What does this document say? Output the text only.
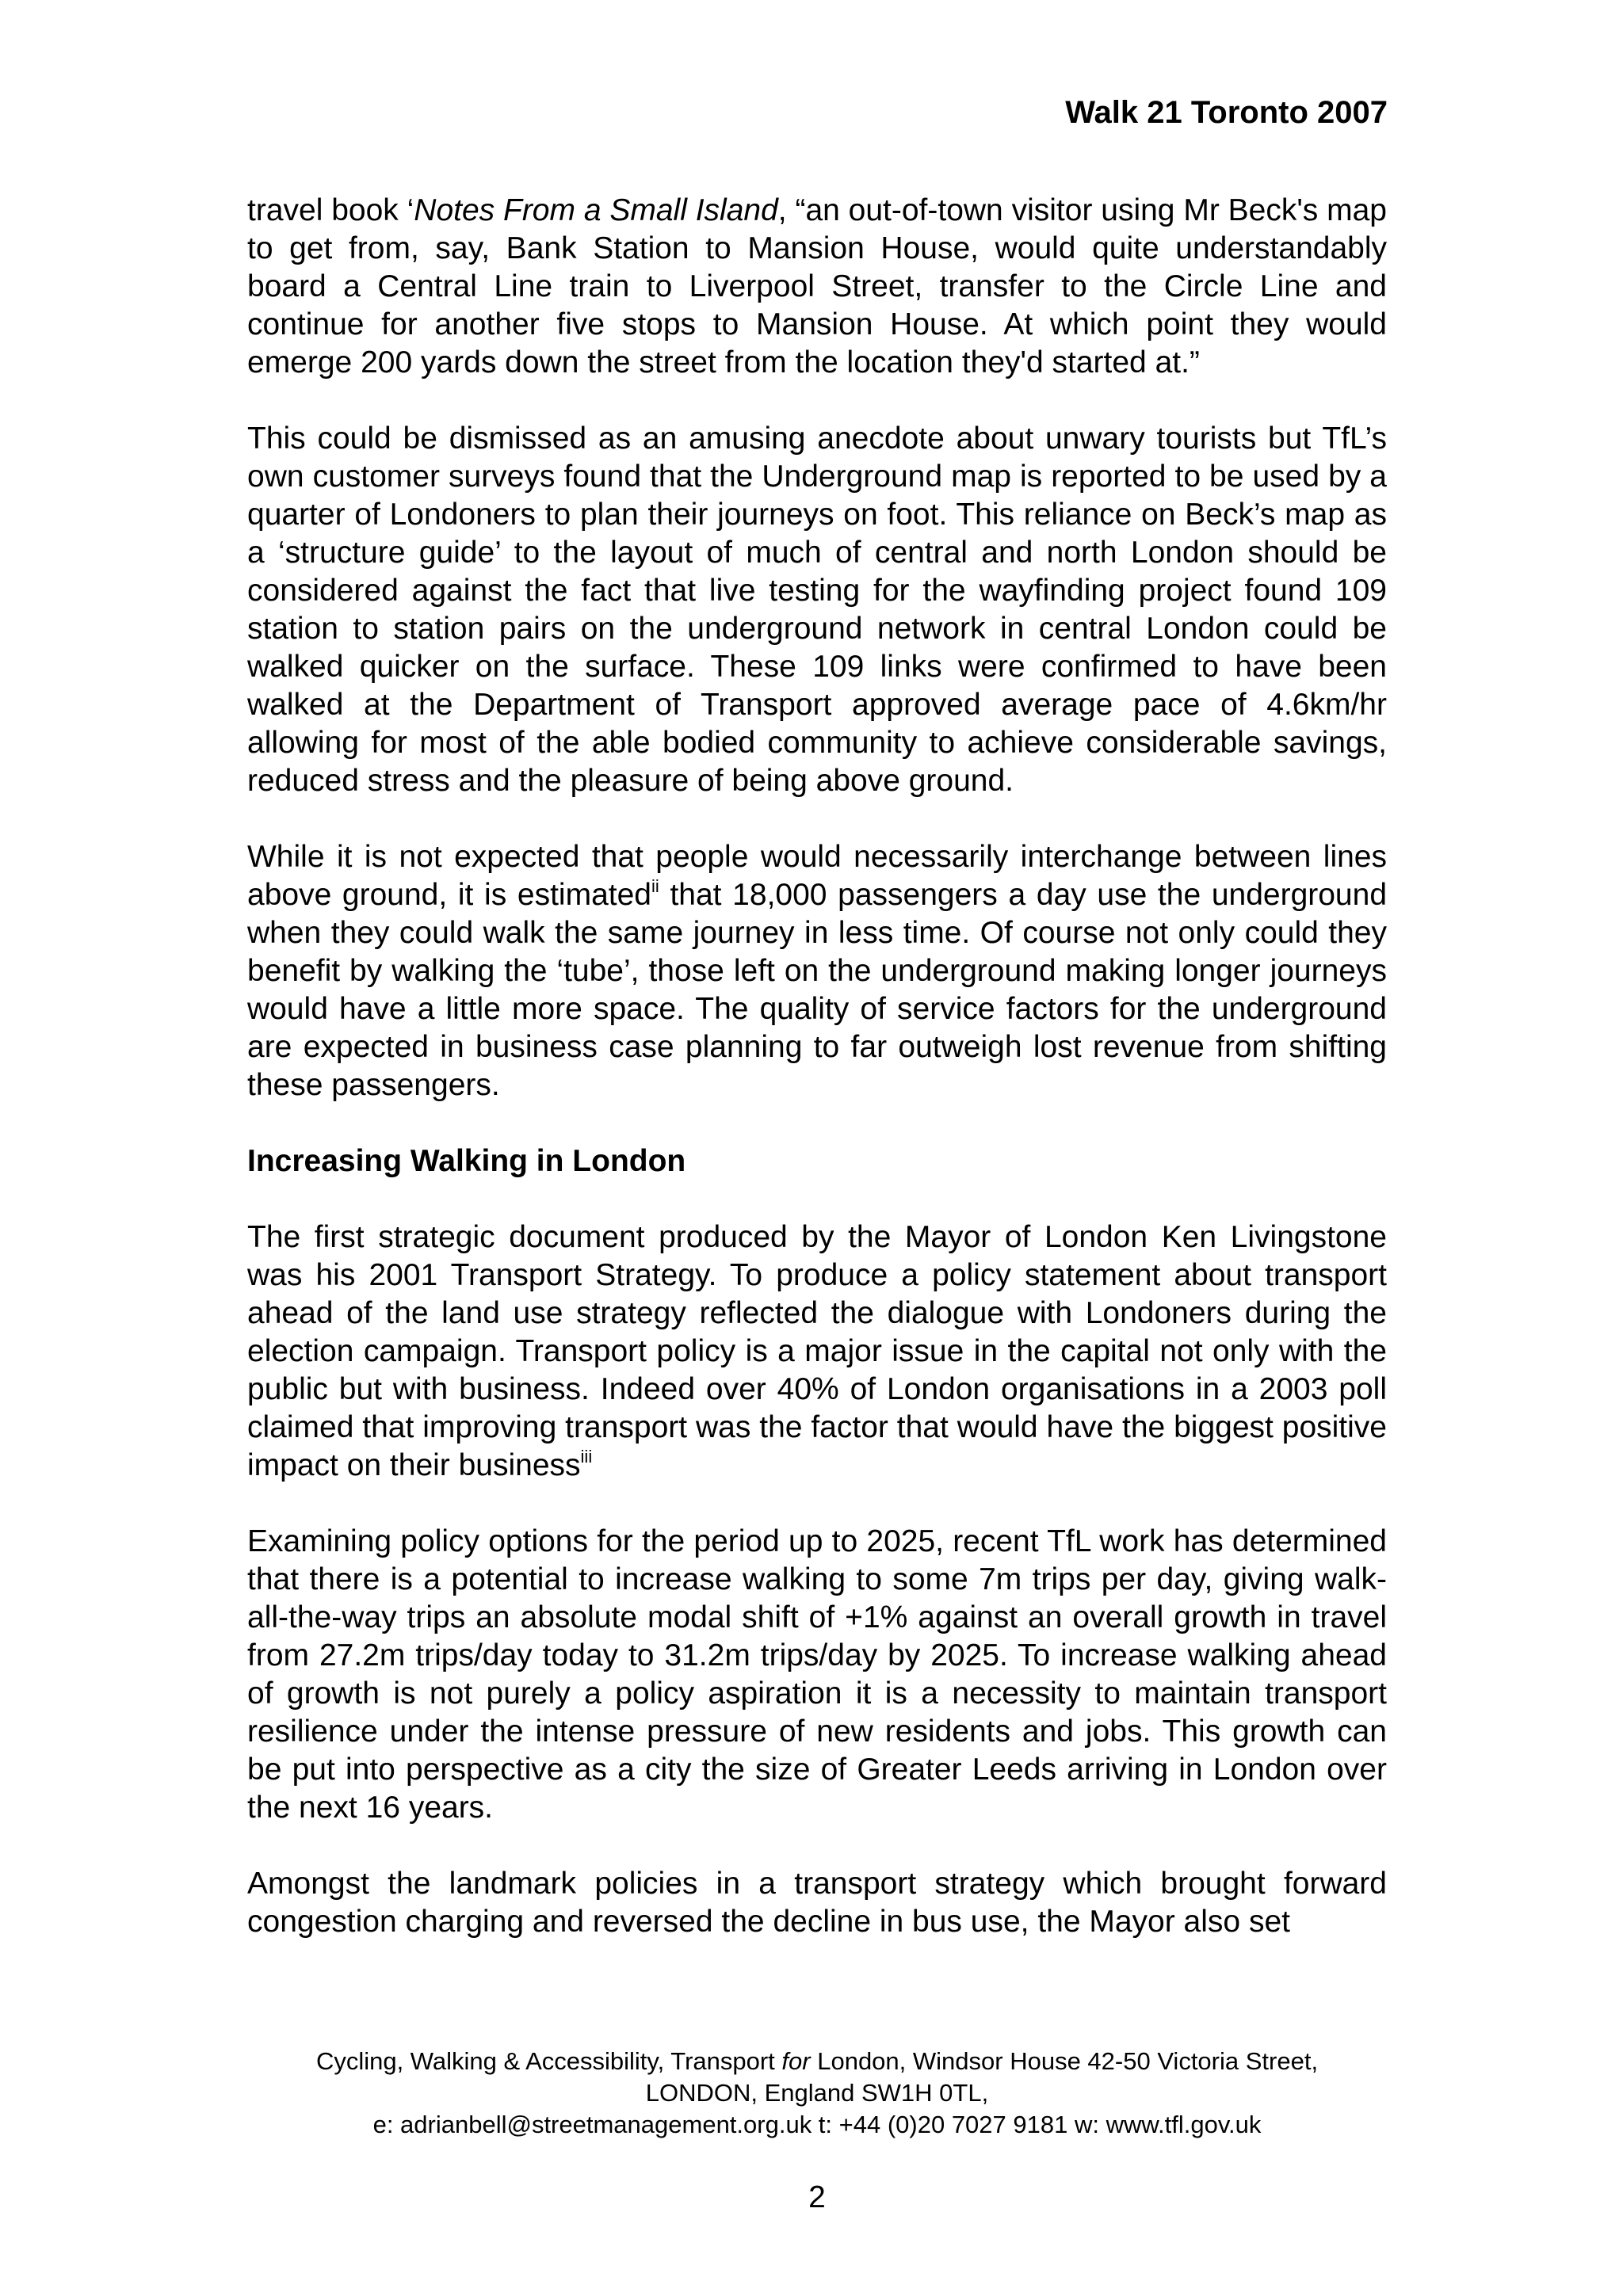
Walk 21 Toronto 2007

travel book ‘Notes From a Small Island, “an out-of-town visitor using Mr Beck's map to get from, say, Bank Station to Mansion House, would quite understandably board a Central Line train to Liverpool Street, transfer to the Circle Line and continue for another five stops to Mansion House. At which point they would emerge 200 yards down the street from the location they'd started at.”

This could be dismissed as an amusing anecdote about unwary tourists but TfL’s own customer surveys found that the Underground map is reported to be used by a quarter of Londoners to plan their journeys on foot. This reliance on Beck’s map as a ‘structure guide’ to the layout of much of central and north London should be considered against the fact that live testing for the wayfinding project found 109 station to station pairs on the underground network in central London could be walked quicker on the surface. These 109 links were confirmed to have been walked at the Department of Transport approved average pace of 4.6km/hr allowing for most of the able bodied community to achieve considerable savings, reduced stress and the pleasure of being above ground.

While it is not expected that people would necessarily interchange between lines above ground, it is estimated$^{ii}$ that 18,000 passengers a day use the underground when they could walk the same journey in less time. Of course not only could they benefit by walking the ‘tube’, those left on the underground making longer journeys would have a little more space. The quality of service factors for the underground are expected in business case planning to far outweigh lost revenue from shifting these passengers.

Increasing Walking in London

The first strategic document produced by the Mayor of London Ken Livingstone was his 2001 Transport Strategy. To produce a policy statement about transport ahead of the land use strategy reflected the dialogue with Londoners during the election campaign. Transport policy is a major issue in the capital not only with the public but with business. Indeed over 40% of London organisations in a 2003 poll claimed that improving transport was the factor that would have the biggest positive impact on their business$^{iii}$

Examining policy options for the period up to 2025, recent TfL work has determined that there is a potential to increase walking to some 7m trips per day, giving walk- all-the-way trips an absolute modal shift of +1% against an overall growth in travel from 27.2m trips/day today to 31.2m trips/day by 2025. To increase walking ahead of growth is not purely a policy aspiration it is a necessity to maintain transport resilience under the intense pressure of new residents and jobs. This growth can be put into perspective as a city the size of Greater Leeds arriving in London over the next 16 years.

Amongst the landmark policies in a transport strategy which brought forward congestion charging and reversed the decline in bus use, the Mayor also set

Cycling, Walking & Accessibility, Transport for London, Windsor House 42-50 Victoria Street,
LONDON, England SW1H 0TL,
e: adrianbell@streetmanagement.org.uk t: +44 (0)20 7027 9181 w: www.tfl.gov.uk
2
